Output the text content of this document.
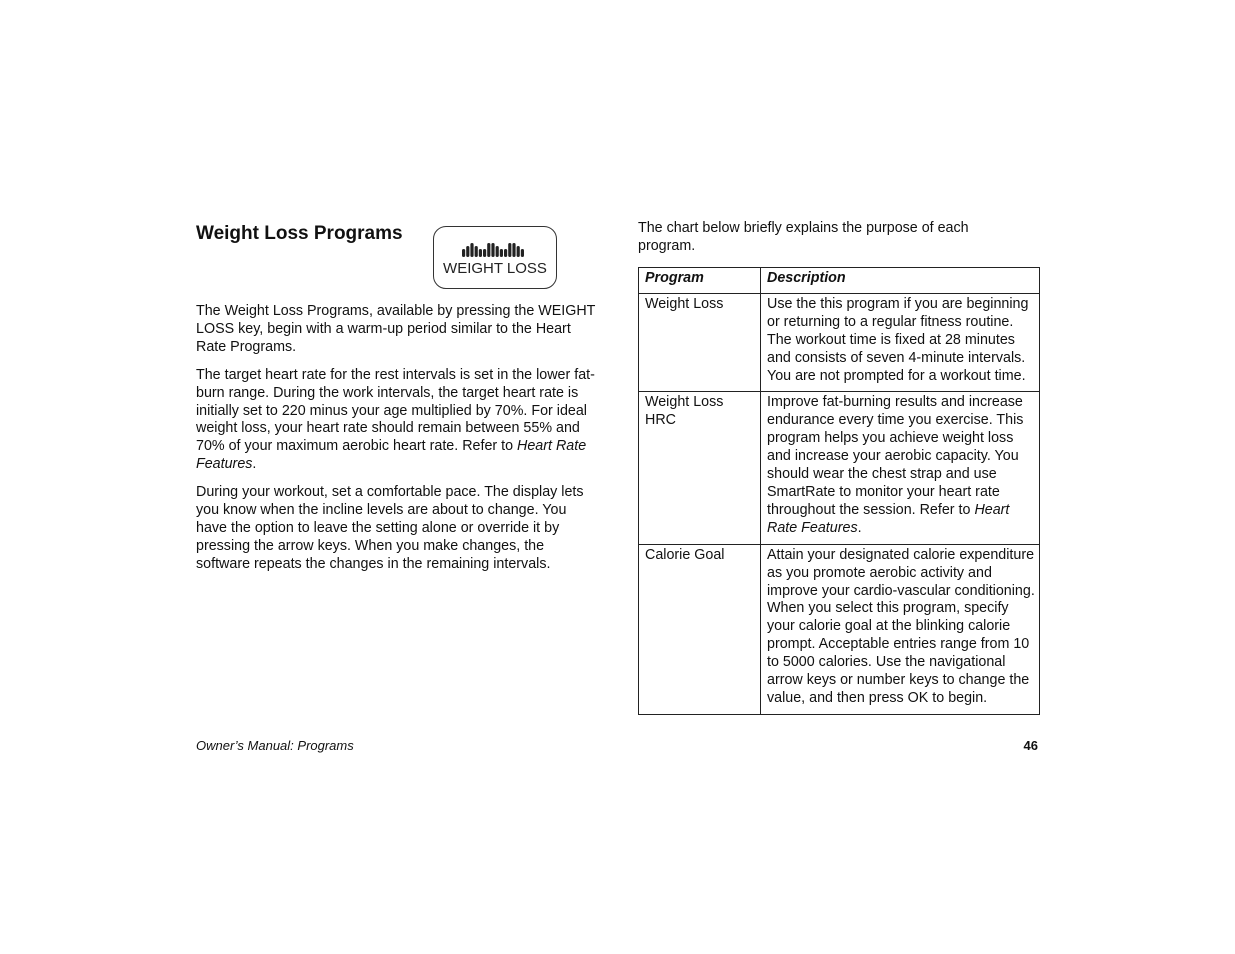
Weight Loss Programs
WEIGHT LOSS

The Weight Loss Programs, available by pressing the WEIGHT LOSS key, begin with a warm-up period similar to the Heart Rate Programs.

The target heart rate for the rest intervals is set in the lower fat-burn range. During the work intervals, the target heart rate is initially set to 220 minus your age multiplied by 70%. For ideal weight loss, your heart rate should remain between 55% and 70% of your maximum aerobic heart rate. Refer to Heart Rate Features.

During your workout, set a comfortable pace. The display lets you know when the incline levels are about to change. You have the option to leave the setting alone or override it by pressing the arrow keys. When you make changes, the software repeats the changes in the remaining intervals.

The chart below briefly explains the purpose of each program.

Program	Description
Weight Loss	Use the this program if you are beginning or returning to a regular fitness routine. The workout time is fixed at 28 minutes and consists of seven 4-minute intervals. You are not prompted for a workout time.
Weight Loss HRC	Improve fat-burning results and increase endurance every time you exercise. This program helps you achieve weight loss and increase your aerobic capacity. You should wear the chest strap and use SmartRate to monitor your heart rate throughout the session. Refer to Heart Rate Features.
Calorie Goal	Attain your designated calorie expenditure as you promote aerobic activity and improve your cardio-vascular conditioning. When you select this program, specify your calorie goal at the blinking calorie prompt. Acceptable entries range from 10 to 5000 calories. Use the navigational arrow keys or number keys to change the value, and then press OK to begin.
Owner’s Manual: Programs	46
